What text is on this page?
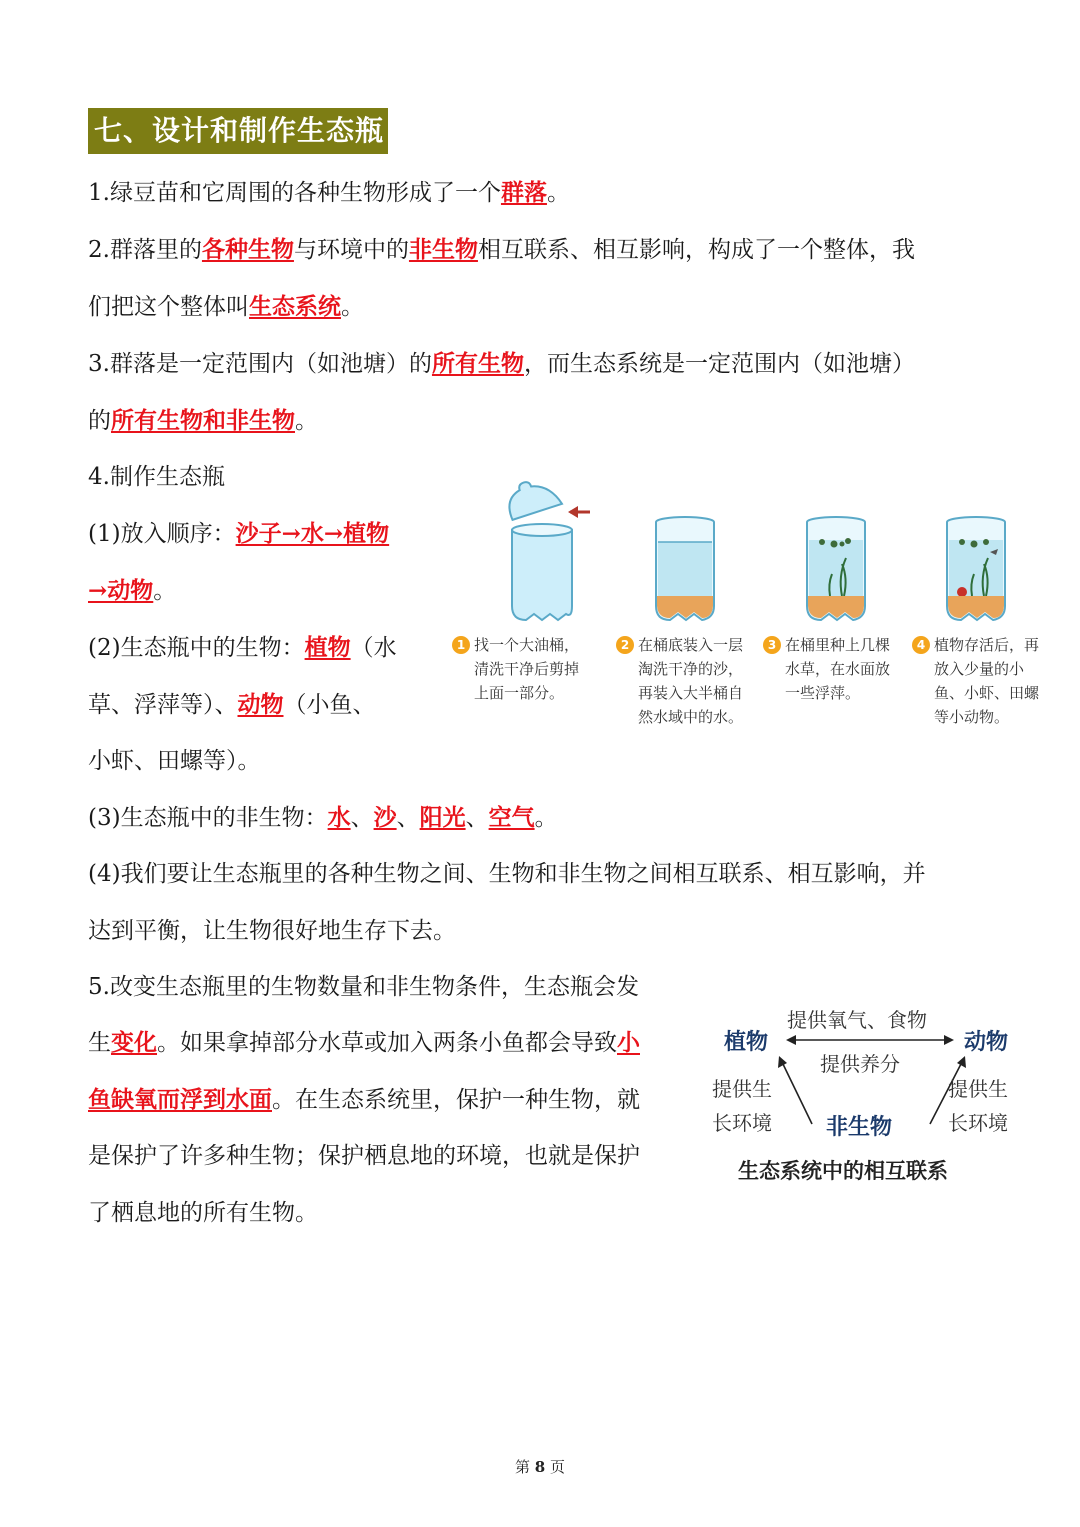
七、设计和制作生态瓶
1.绿豆苗和它周围的各种生物形成了一个群落。
2.群落里的各种生物与环境中的非生物相互联系、相互影响，构成了一个整体，我
们把这个整体叫生态系统。
3.群落是一定范围内（如池塘）的所有生物，而生态系统是一定范围内（如池塘）
的所有生物和非生物。
4.制作生态瓶
(1)放入顺序：沙子→水→植物
→动物。
(2)生态瓶中的生物：植物（水
草、浮萍等）、动物（小鱼、
小虾、田螺等）。
(3)生态瓶中的非生物：水、沙、阳光、空气。
(4)我们要让生态瓶里的各种生物之间、生物和非生物之间相互联系、相互影响，并
达到平衡，让生物很好地生存下去。
1 找一个大油桶，
清洗干净后剪掉
上面一部分。
2 在桶底装入一层
淘洗干净的沙，
再装入大半桶自
然水域中的水。
3 在桶里种上几棵
水草，在水面放
一些浮萍。
4 植物存活后，再
放入少量的小
鱼、小虾、田螺
等小动物。
5.改变生态瓶里的生物数量和非生物条件，生态瓶会发
生变化。如果拿掉部分水草或加入两条小鱼都会导致小
鱼缺氧而浮到水面。在生态系统里，保护一种生物，就
是保护了许多种生物；保护栖息地的环境，也就是保护
了栖息地的所有生物。
植物	动物
非生物
提供氧气、食物
提供养分
提供生
长环境
提供生
长环境
生态系统中的相互联系
第 8 页
